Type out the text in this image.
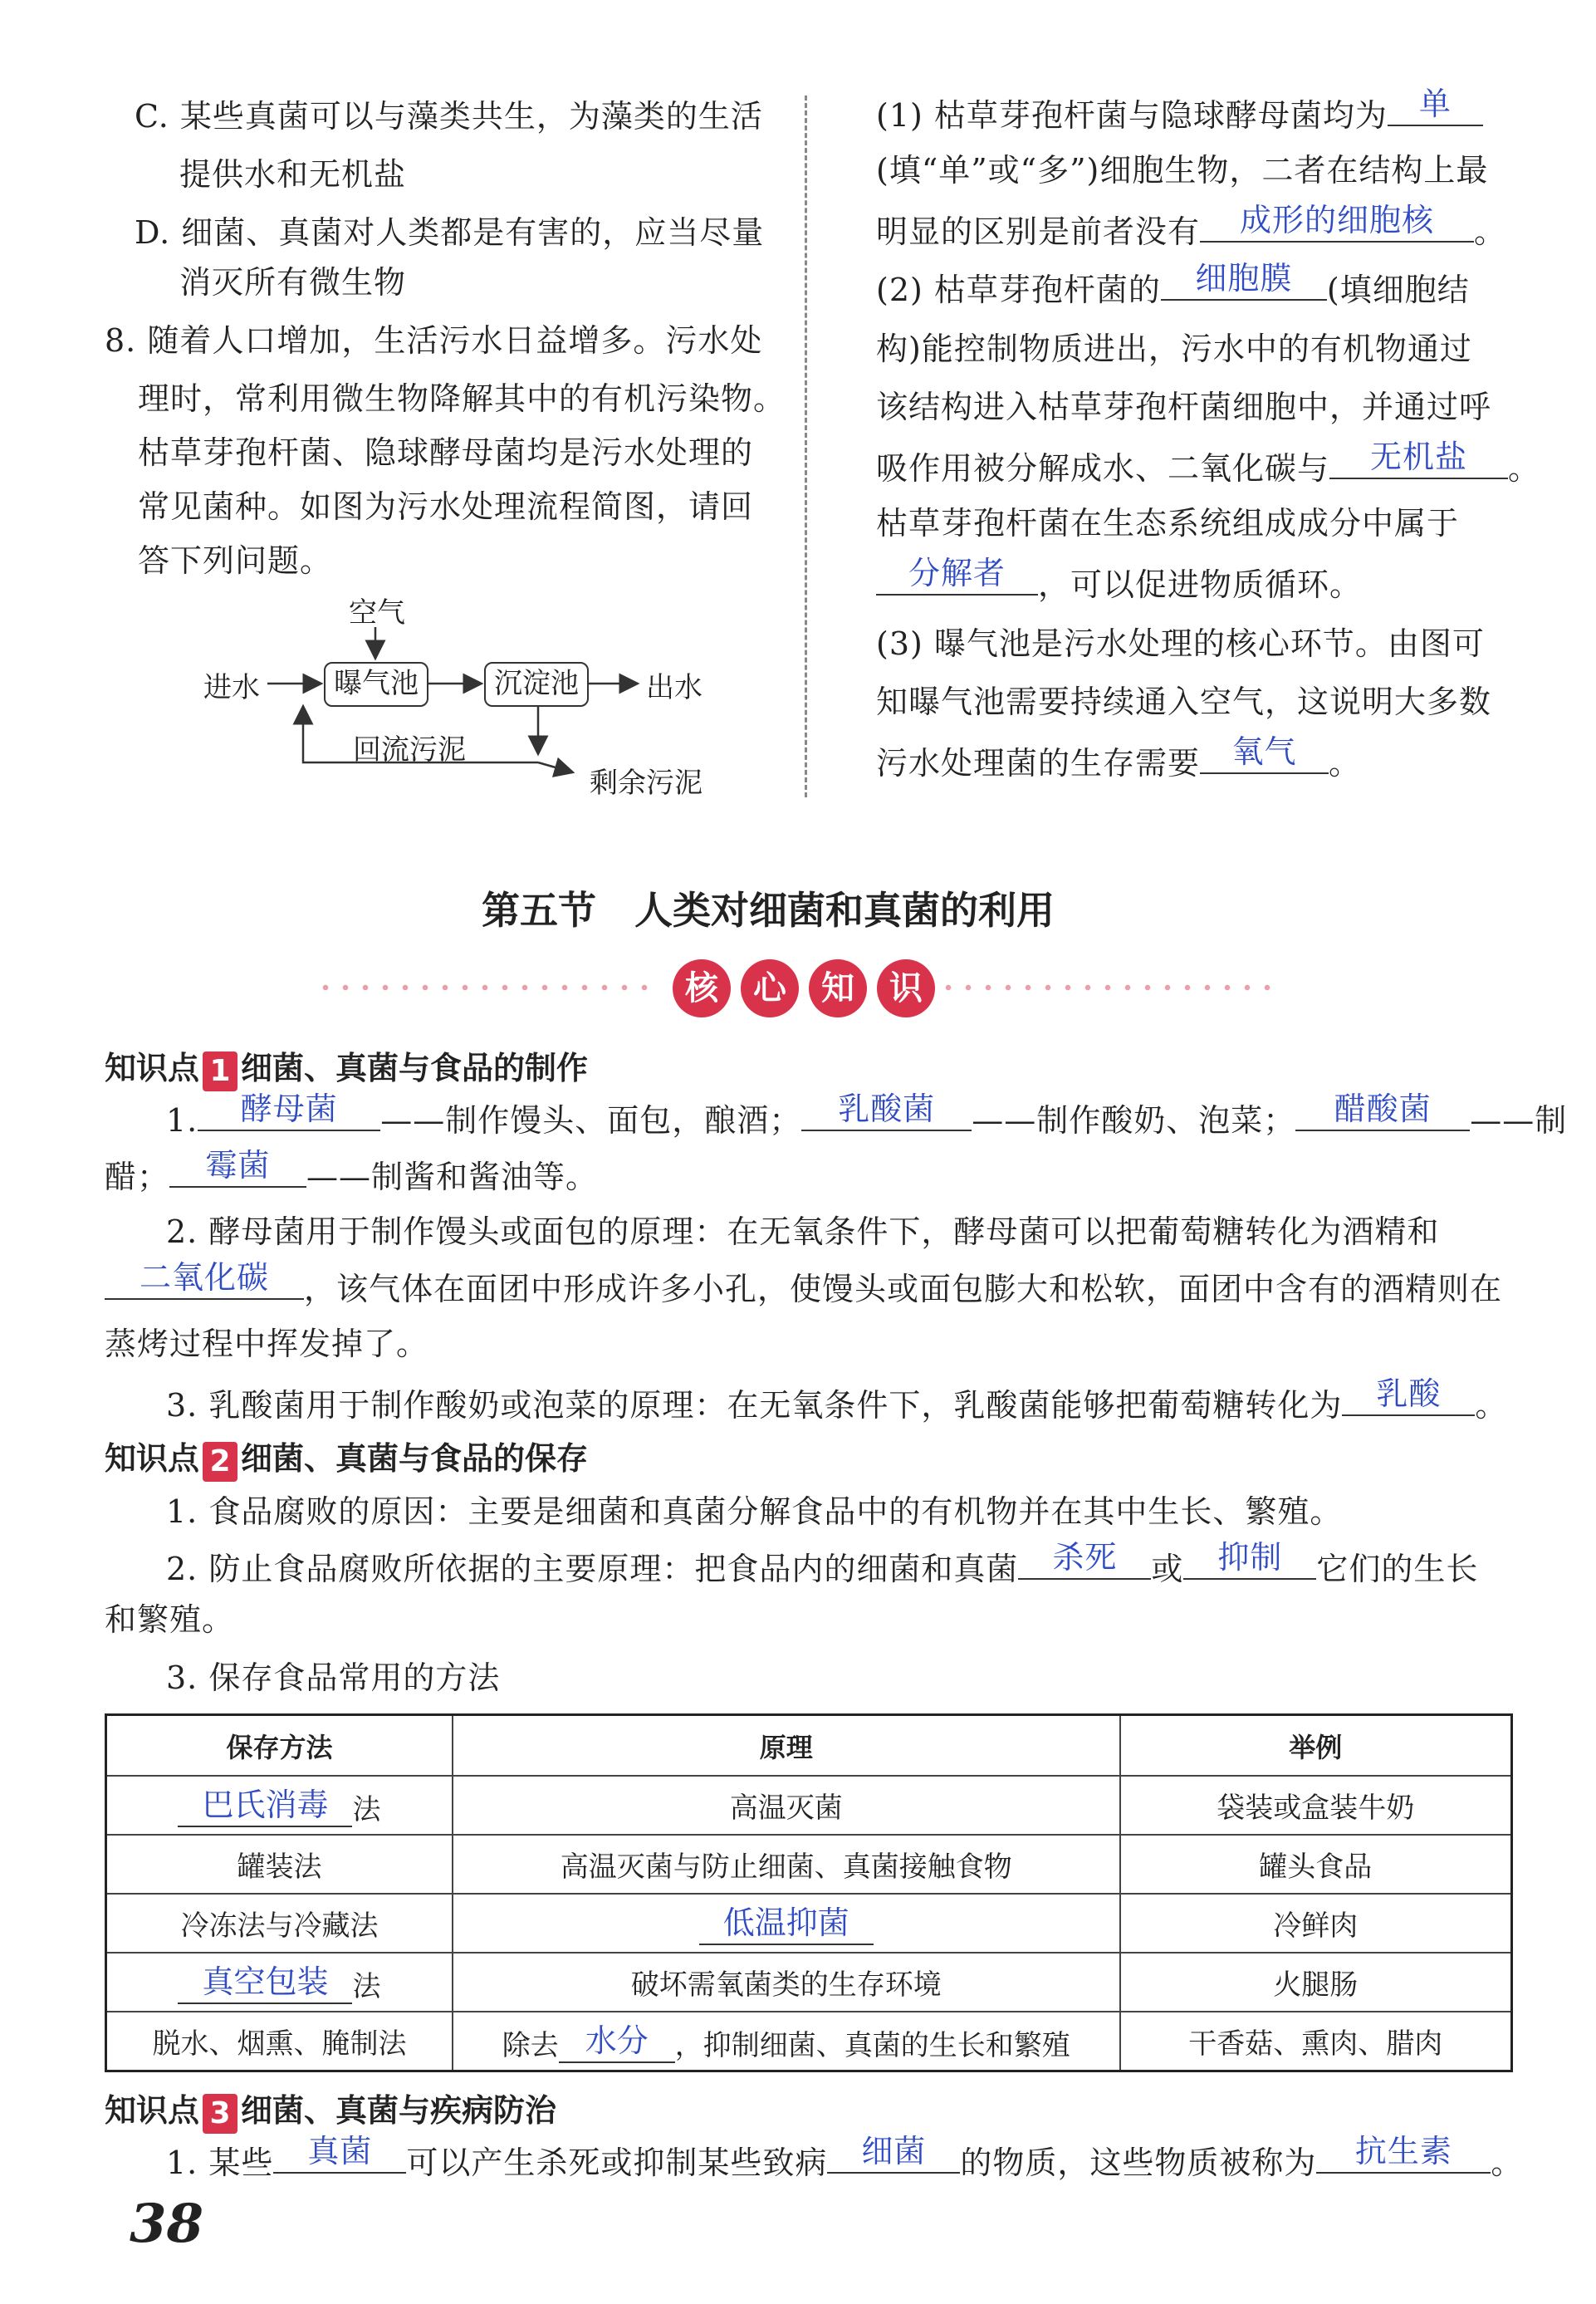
C. 某些真菌可以与藻类共生，为藻类的生活
提供水和无机盐
D. 细菌、真菌对人类都是有害的，应当尽量
消灭所有微生物
8. 随着人口增加，生活污水日益增多。污水处
理时，常利用微生物降解其中的有机污染物。
枯草芽孢杆菌、隐球酵母菌均是污水处理的
常见菌种。如图为污水处理流程简图，请回
答下列问题。
空气
进水	曝气池	沉淀池	出水
回流污泥
剩余污泥
(1) 枯草芽孢杆菌与隐球酵母菌均为 单
(填“单”或“多”)细胞生物，二者在结构上最
明显的区别是前者没有	成形的细胞核	。
(2) 枯草芽孢杆菌的	细胞膜	(填细胞结
构)能控制物质进出，污水中的有机物通过
该结构进入枯草芽孢杆菌细胞中，并通过呼
吸作用被分解成水、二氧化碳与	无机盐	。
枯草芽孢杆菌在生态系统组成成分中属于
分解者	，可以促进物质循环。
(3) 曝气池是污水处理的核心环节。由图可
知曝气池需要持续通入空气，这说明大多数
污水处理菌的生存需要	氧气	。
第五节　人类对细菌和真菌的利用
核 心 知 识
知识点 1 细菌、真菌与食品的制作
1.	酵母菌	——制作馒头、面包，酿酒；	乳酸菌	——制作酸奶、泡菜；	醋酸菌	——制
醋；	霉菌	——制酱和酱油等。
2. 酵母菌用于制作馒头或面包的原理：在无氧条件下，酵母菌可以把葡萄糖转化为酒精和
二氧化碳	，该气体在面团中形成许多小孔，使馒头或面包膨大和松软，面团中含有的酒精则在
蒸烤过程中挥发掉了。
3. 乳酸菌用于制作酸奶或泡菜的原理：在无氧条件下，乳酸菌能够把葡萄糖转化为	乳酸	。
知识点 2 细菌、真菌与食品的保存
1. 食品腐败的原因：主要是细菌和真菌分解食品中的有机物并在其中生长、繁殖。
2. 防止食品腐败所依据的主要原理：把食品内的细菌和真菌	杀死	或	抑制	它们的生长
和繁殖。
3. 保存食品常用的方法
保存方法	原理	举例

巴氏消毒 法	高温灭菌	袋装或盒装牛奶
罐装法	高温灭菌与防止细菌、真菌接触食物	罐头食品
冷冻法与冷藏法	低温抑菌	冷鲜肉

真空包装 法	破坏需氧菌类的生存环境	火腿肠
脱水、烟熏、腌制法	除去 水分 ，抑制细菌、真菌的生长和繁殖	干香菇、熏肉、腊肉
知识点 3 细菌、真菌与疾病防治
1. 某些	真菌	可以产生杀死或抑制某些致病	细菌	的物质，这些物质被称为	抗生素	。
38
